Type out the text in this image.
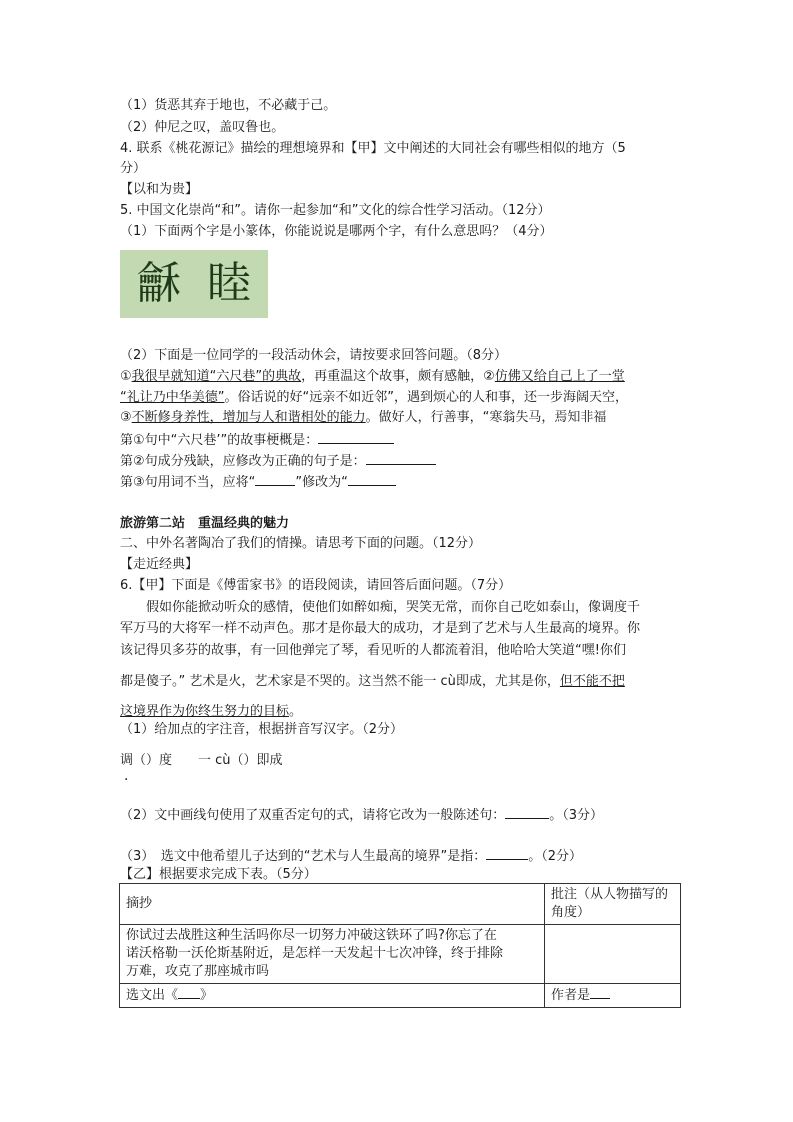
（1）货恶其弃于地也，不必藏于己。
（2）仲尼之叹，盖叹鲁也。
4. 联系《桃花源记》描绘的理想境界和【甲】文中阐述的大同社会有哪些相似的地方（5
分）
【以和为贵】
5. 中国文化崇尚“和”。请你一起参加“和”文化的综合性学习活动。（12分）
（1）下面两个字是小篆体，你能说说是哪两个字，有什么意思吗？（4分）
龢 睦
（2）下面是一位同学的一段活动休会，请按要求回答问题。（8分）
①我很早就知道“六尺巷”的典故，再重温这个故事，颇有感触，②仿佛又给自己上了一堂
“礼让乃中华美德”。俗话说的好“远亲不如近邻”，遇到烦心的人和事，还一步海阔天空，
③不断修身养性，增加与人和谐相处的能力。做好人，行善事，“寒翁失马，焉知非福
第①句中“六尺巷’”的故事梗概是：
第②句成分残缺，应修改为正确的句子是：
第③句用词不当，应将“	”修改为“
旅游第二站　重温经典的魅力
二、中外名著陶冶了我们的情操。请思考下面的问题。（12分）
【走近经典】
6.【甲】下面是《傅雷家书》的语段阅读，请回答后面问题。（7分）
假如你能掀动听众的感情，使他们如醉如痴，哭笑无常，而你自己吃如泰山，像调度千
军万马的大将军一样不动声色。那才是你最大的成功，才是到了艺术与人生最高的境界。你
该记得贝多芬的故事，有一回他弹完了琴，看见听的人都流着泪，他哈哈大笑道“嘿!你们
都是傻子。” 艺术是火，艺术家是不哭的。这当然不能一 cù即成，尤其是你，但不能不把
这境界作为你终生努力的目标。
（1）给加点的字注音，根据拼音写汉字。（2分）
调（）度 . 一 cù（）即成
（2）文中画线句使用了双重否定句的式，请将它改为一般陈述句：	。（3分）
（3）　选文中他希望儿子达到的“艺术与人生最高的境界”是指：	。（2分）
【乙】根据要求完成下表。（5分）
摘抄	批注（从人物描写的
角度）

你试过去战胜这种生活吗你尽一切努力冲破这铁环了吗?你忘了在
诺沃格勒一沃伦斯基附近，是怎样一天发起十七次冲锋，终于排除
万难，攻克了那座城市吗	

选文出《 》	作者是
